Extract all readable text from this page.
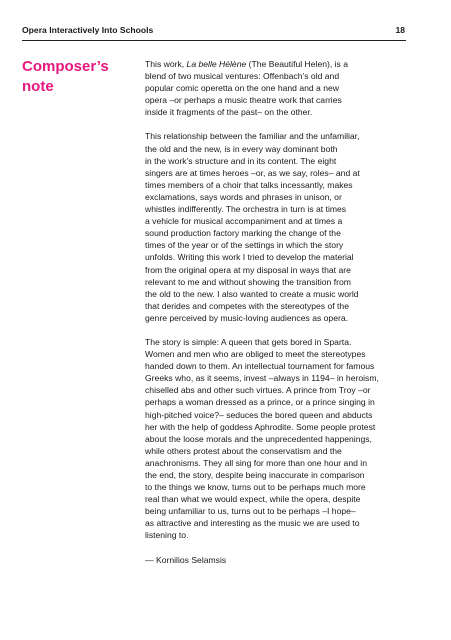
Opera Interactively Into Schools	18
Composer’s
note

This work, La belle Hélène (The Beautiful Helen), is a
blend of two musical ventures: Offenbach’s old and
popular comic operetta on the one hand and a new
opera –or perhaps a music theatre work that carries
inside it fragments of the past– on the other.

This relationship between the familiar and the unfamiliar,
the old and the new, is in every way dominant both
in the work’s structure and in its content. The eight
singers are at times heroes –or, as we say, roles– and at
times members of a choir that talks incessantly, makes
exclamations, says words and phrases in unison, or
whistles indifferently. The orchestra in turn is at times
a vehicle for musical accompaniment and at times a
sound production factory marking the change of the
times of the year or of the settings in which the story
unfolds. Writing this work I tried to develop the material
from the original opera at my disposal in ways that are
relevant to me and without showing the transition from
the old to the new. I also wanted to create a music world
that derides and competes with the stereotypes of the
genre perceived by music-loving audiences as opera.

The story is simple: A queen that gets bored in Sparta.
Women and men who are obliged to meet the stereotypes
handed down to them. An intellectual tournament for famous
Greeks who, as it seems, invest –always in 1194– in heroism,
chiselled abs and other such virtues. A prince from Troy –or
perhaps a woman dressed as a prince, or a prince singing in
high-pitched voice?– seduces the bored queen and abducts
her with the help of goddess Aphrodite. Some people protest
about the loose morals and the unprecedented happenings,
while others protest about the conservatism and the
anachronisms. They all sing for more than one hour and in
the end, the story, despite being inaccurate in comparison
to the things we know, turns out to be perhaps much more
real than what we would expect, while the opera, despite
being unfamiliar to us, turns out to be perhaps –I hope–
as attractive and interesting as the music we are used to
listening to.

— Kornilios Selamsis
